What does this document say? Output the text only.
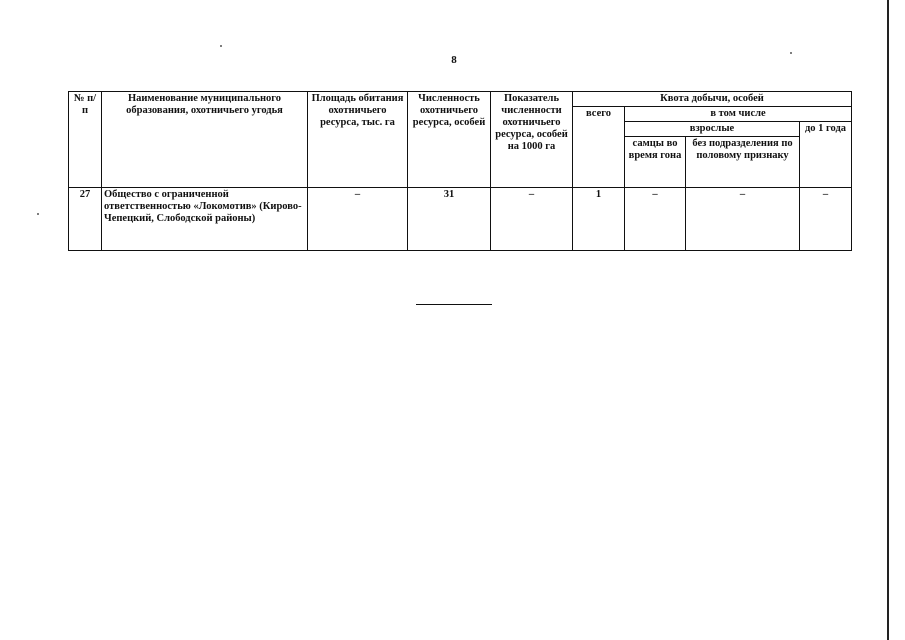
8
№ п/п	Наименование муниципального образования, охотничьего угодья	Площадь обитания охотничьего ресурса, тыс. га	Численность охотничьего ресурса, особей	Показатель численности охотничьего ресурса, особей на 1000 га	Квота добычи, особей			
					всего	в том числе		
						взрослые		до 1 года
						самцы во время гона	без подразделения по половому признаку	
27	Общество с ограниченной ответственностью «Локомотив» (Кирово-Чепецкий, Слободской районы)	–	31	–	1	–	–	–
